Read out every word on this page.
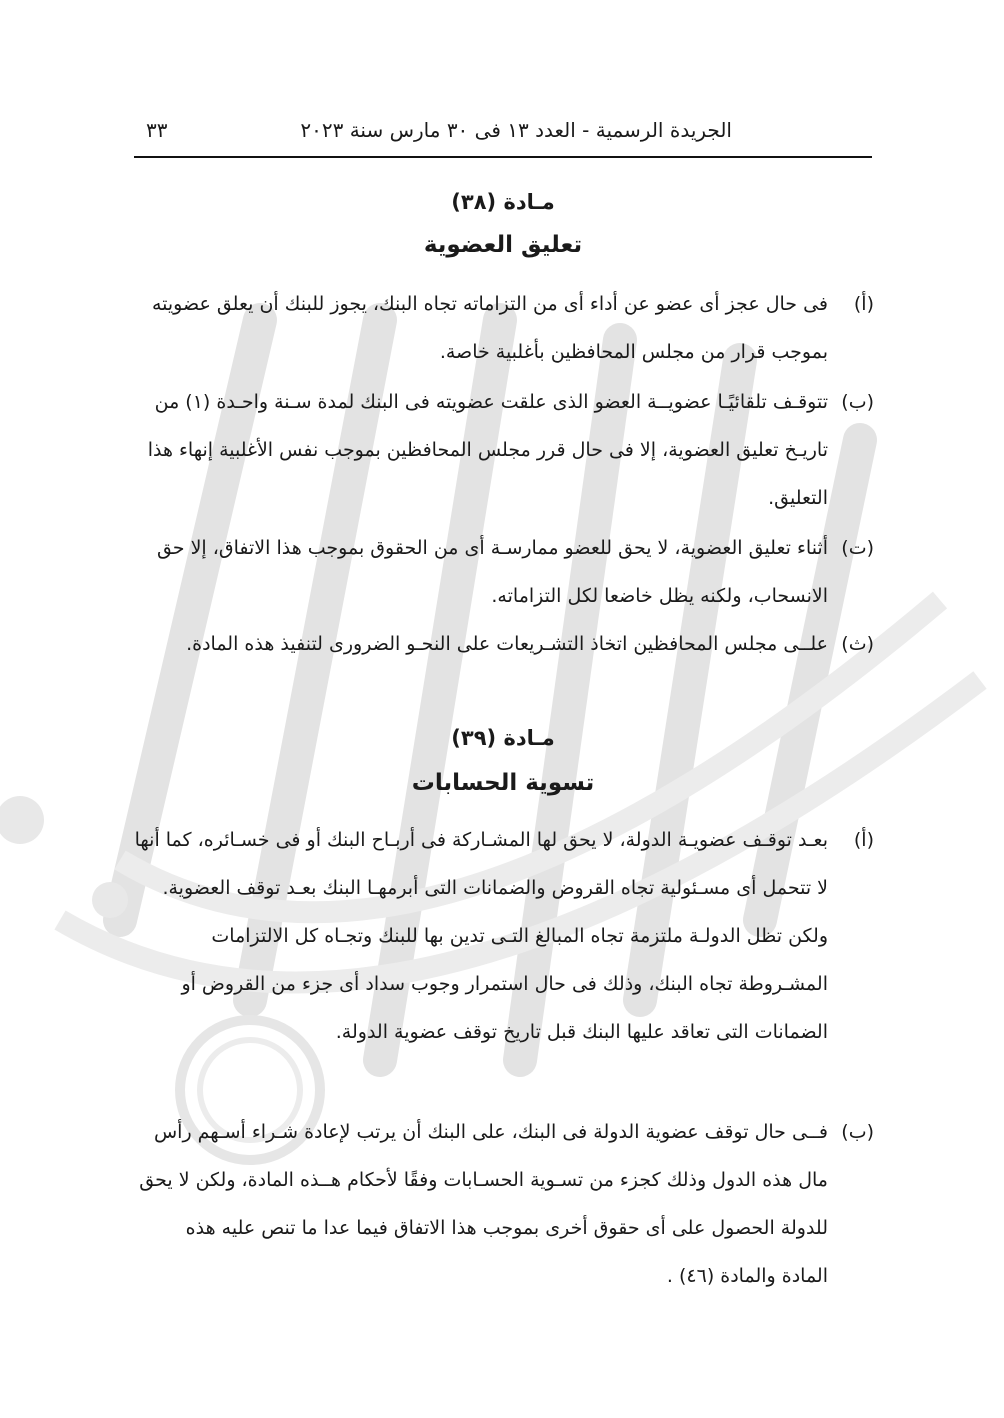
الجريدة الرسمية - العدد ١٣ فى ٣٠ مارس سنة ٢٠٢٣
٣٣
مـادة (٣٨)
تعليق العضوية
(أ)
فى حال عجز أى عضو عن أداء أى من التزاماته تجاه البنك، يجوز للبنك أن يعلق عضويته بموجب قرار من مجلس المحافظين بأغلبية خاصة.
(ب)
تتوقـف تلقائيًـا عضويــة العضو الذى علقت عضويته فى البنك لمدة سـنة واحـدة (١) من تاريـخ تعليق العضوية، إلا فى حال قرر مجلس المحافظين بموجب نفس الأغلبية إنهاء هذا التعليق.
(ت)
أثناء تعليق العضوية، لا يحق للعضو ممارسـة أى من الحقوق بموجب هذا الاتفاق، إلا حق الانسحاب، ولكنه يظل خاضعا لكل التزاماته.
(ث)
علــى مجلس المحافظين اتخاذ التشـريعات على النحـو الضرورى لتنفيذ هذه المادة.
مـادة (٣٩)
تسوية الحسابات
(أ)
بعـد توقـف عضويـة الدولة، لا يحق لها المشـاركة فى أربـاح البنك أو فى خسـائره، كما أنها لا تتحمل أى مسـئولية تجاه القروض والضمانات التى أبرمهـا البنك بعـد توقف العضوية. ولكن تظل الدولـة ملتزمة تجاه المبالغ التـى تدين بها للبنك وتجـاه كل الالتزامات المشـروطة تجاه البنك، وذلك فى حال استمرار وجوب سداد أى جزء من القروض أو الضمانات التى تعاقد عليها البنك قبل تاريخ توقف عضوية الدولة.
(ب)
فــى حال توقف عضوية الدولة فى البنك، على البنك أن يرتب لإعادة شـراء أسـهم رأس مال هذه الدول وذلك كجزء من تسـوية الحسـابات وفقًا لأحكام هــذه المادة، ولكن لا يحق للدولة الحصول على أى حقوق أخرى بموجب هذا الاتفاق فيما عدا ما تنص عليه هذه المادة والمادة (٤٦) .
